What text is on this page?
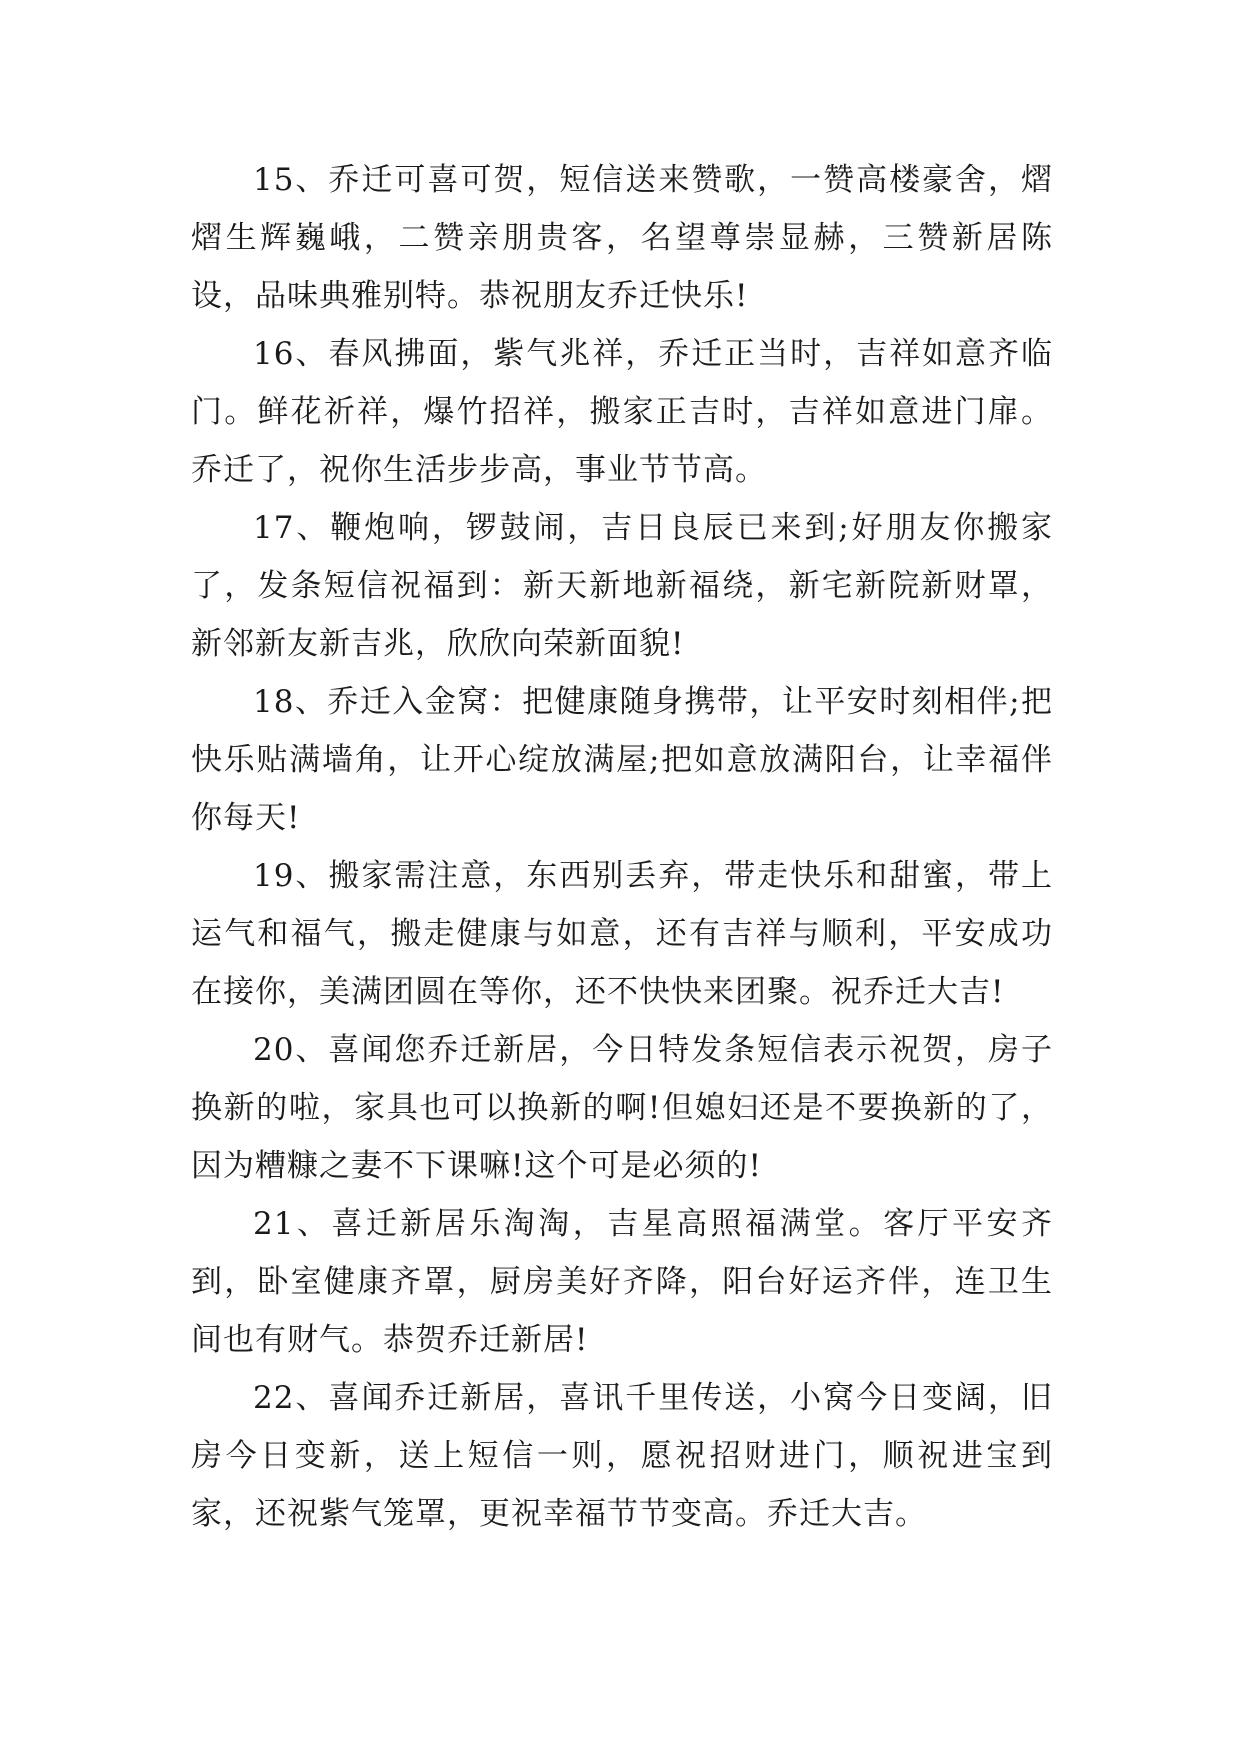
15、乔迁可喜可贺，短信送来赞歌，一赞高楼豪舍，熠熠生辉巍峨，二赞亲朋贵客，名望尊崇显赫，三赞新居陈设，品味典雅别特。恭祝朋友乔迁快乐!

16、春风拂面，紫气兆祥，乔迁正当时，吉祥如意齐临门。鲜花祈祥，爆竹招祥，搬家正吉时，吉祥如意进门扉。乔迁了，祝你生活步步高，事业节节高。

17、鞭炮响，锣鼓闹，吉日良辰已来到;好朋友你搬家了，发条短信祝福到：新天新地新福绕，新宅新院新财罩，新邻新友新吉兆，欣欣向荣新面貌!

18、乔迁入金窝：把健康随身携带，让平安时刻相伴;把快乐贴满墙角，让开心绽放满屋;把如意放满阳台，让幸福伴你每天!

19、搬家需注意，东西别丢弃，带走快乐和甜蜜，带上运气和福气，搬走健康与如意，还有吉祥与顺利，平安成功在接你，美满团圆在等你，还不快快来团聚。祝乔迁大吉!

20、喜闻您乔迁新居，今日特发条短信表示祝贺，房子换新的啦，家具也可以换新的啊!但媳妇还是不要换新的了，因为糟糠之妻不下课嘛!这个可是必须的!

21、喜迁新居乐淘淘，吉星高照福满堂。客厅平安齐到，卧室健康齐罩，厨房美好齐降，阳台好运齐伴，连卫生间也有财气。恭贺乔迁新居!

22、喜闻乔迁新居，喜讯千里传送，小窝今日变阔，旧房今日变新，送上短信一则，愿祝招财进门，顺祝进宝到家，还祝紫气笼罩，更祝幸福节节变高。乔迁大吉。
